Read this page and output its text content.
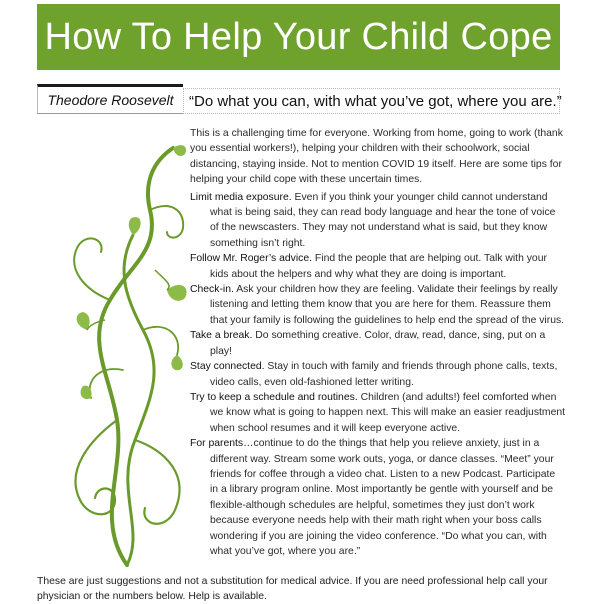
How To Help Your Child Cope
Theodore Roosevelt	“Do what you can, with what you’ve got, where you are.”

This is a challenging time for everyone. Working from home, going to work (thank you essential workers!), helping your children with their schoolwork, social distancing, staying inside. Not to mention COVID 19 itself. Here are some tips for helping your child cope with these uncertain times.

Limit media exposure. Even if you think your younger child cannot understand what is being said, they can read body language and hear the tone of voice of the newscasters. They may not understand what is said, but they know something isn’t right.

Follow Mr. Roger’s advice. Find the people that are helping out. Talk with your kids about the helpers and why what they are doing is important.

Check-in. Ask your children how they are feeling. Validate their feelings by really listening and letting them know that you are here for them. Reassure them that your family is following the guidelines to help end the spread of the virus.

Take a break. Do something creative. Color, draw, read, dance, sing, put on a play!

Stay connected. Stay in touch with family and friends through phone calls, texts, video calls, even old-fashioned letter writing.

Try to keep a schedule and routines. Children (and adults!) feel comforted when we know what is going to happen next. This will make an easier readjustment when school resumes and it will keep everyone active.

For parents…continue to do the things that help you relieve anxiety, just in a different way. Stream some work outs, yoga, or dance classes. “Meet” your friends for coffee through a video chat. Listen to a new Podcast. Participate in a library program online. Most importantly be gentle with yourself and be flexible-although schedules are helpful, sometimes they just don’t work because everyone needs help with their math right when your boss calls wondering if you are joining the video conference. “Do what you can, with what you’ve got, where you are.”

These are just suggestions and not a substitution for medical advice. If you are need professional help call your physician or the numbers below. Help is available.
